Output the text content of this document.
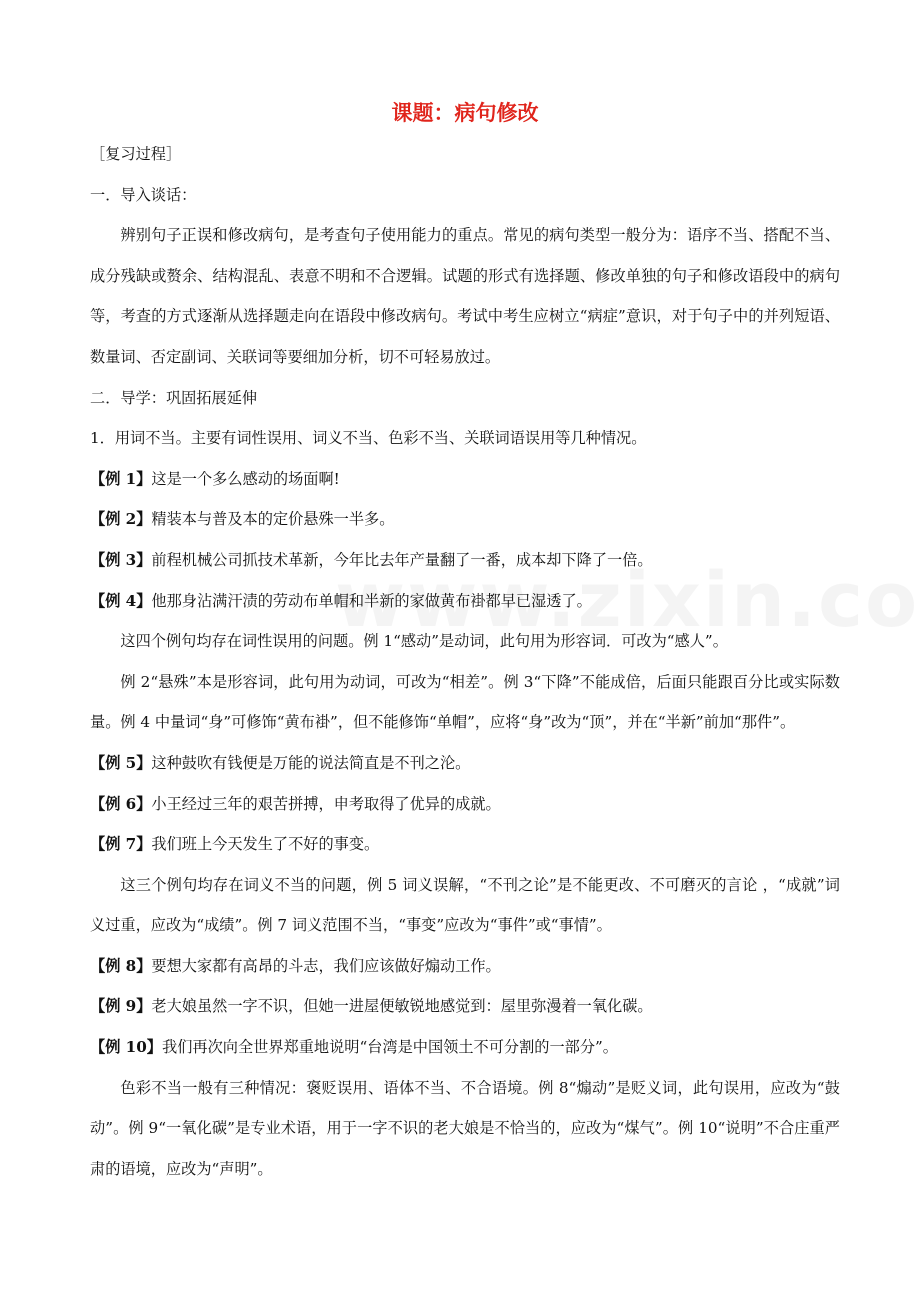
课题：病句修改

［复习过程］

一．导入谈话：

辨别句子正误和修改病句，是考查句子使用能力的重点。常见的病句类型一般分为：语序不当、搭配不当、成分残缺或赘余、结构混乱、表意不明和不合逻辑。试题的形式有选择题、修改单独的句子和修改语段中的病句等，考查的方式逐渐从选择题走向在语段中修改病句。考试中考生应树立“病症”意识，对于句子中的并列短语、数量词、否定副词、关联词等要细加分析，切不可轻易放过。

二．导学：巩固拓展延伸

1．用词不当。主要有词性误用、词义不当、色彩不当、关联词语误用等几种情况。

【例 1】这是一个多么感动的场面啊!

【例 2】精装本与普及本的定价悬殊一半多。

【例 3】前程机械公司抓技术革新，今年比去年产量翻了一番，成本却下降了一倍。

【例 4】他那身沾满汗渍的劳动布单帽和半新的家做黄布褂都早已湿透了。

这四个例句均存在词性误用的问题。例 1“感动”是动词，此句用为形容词．可改为“感人”。

例 2“悬殊”本是形容词，此句用为动词，可改为“相差”。例 3“下降”不能成倍，后面只能跟百分比或实际数量。例 4 中量词“身”可修饰“黄布褂”，但不能修饰“单帽”，应将“身”改为“顶”，并在“半新”前加“那件”。

【例 5】这种鼓吹有钱便是万能的说法简直是不刊之沦。

【例 6】小王经过三年的艰苦拼搏，申考取得了优异的成就。

【例 7】我们班上今天发生了不好的事变。

这三个例句均存在词义不当的问题，例 5 词义误解，“不刊之论”是不能更改、不可磨灭的言论 ，“成就”词义过重，应改为“成绩”。例 7 词义范围不当，“事变”应改为“事件”或“事情”。

【例 8】要想大家都有高昂的斗志，我们应该做好煽动工作。

【例 9】老大娘虽然一字不识，但她一进屋便敏锐地感觉到：屋里弥漫着一氧化碳。

【例 10】我们再次向全世界郑重地说明“台湾是中国领土不可分割的一部分”。

色彩不当一般有三种情况：褒贬误用、语体不当、不合语境。例 8“煽动”是贬义词，此句误用，应改为“鼓动”。例 9“一氧化碳”是专业术语，用于一字不识的老大娘是不恰当的，应改为“煤气”。例 10“说明”不合庄重严肃的语境，应改为“声明”。
